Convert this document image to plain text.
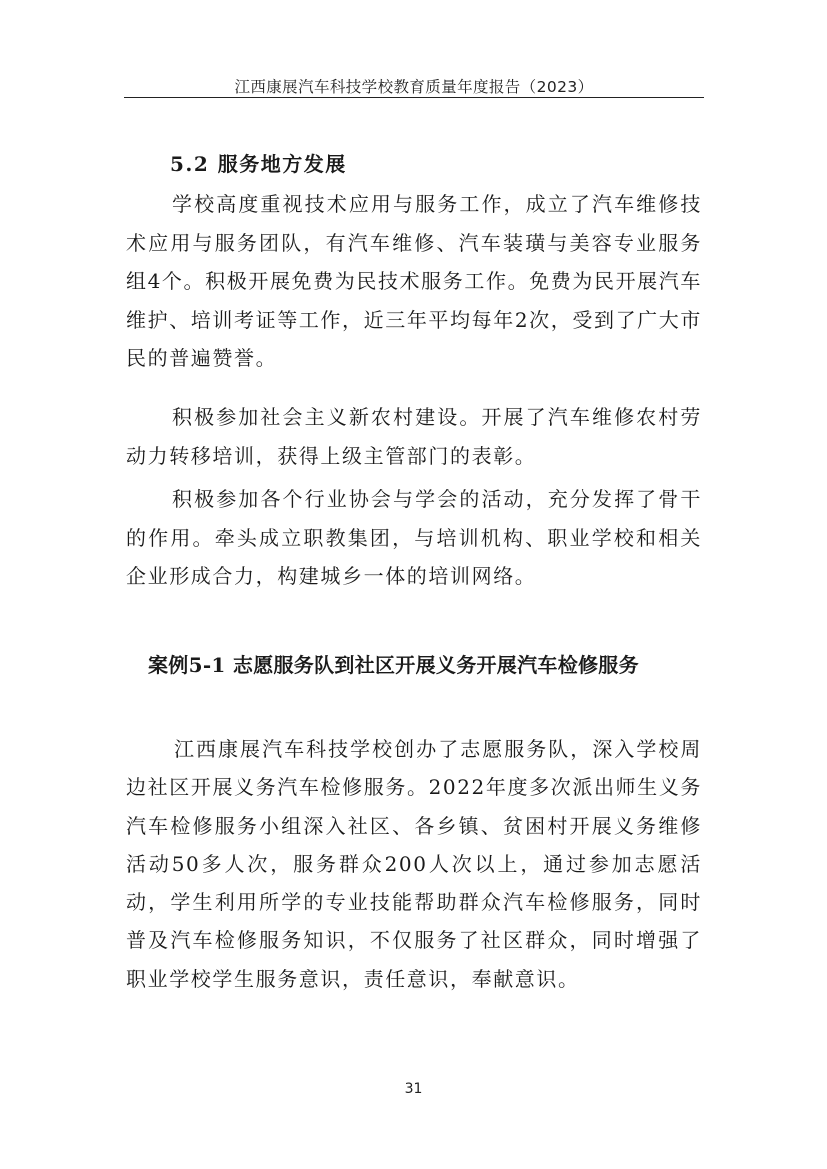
江西康展汽车科技学校教育质量年度报告（2023）
5.2 服务地方发展

学校高度重视技术应用与服务工作，成立了汽车维修技术应用与服务团队，有汽车维修、汽车装璜与美容专业服务组4个。积极开展免费为民技术服务工作。免费为民开展汽车维护、培训考证等工作，近三年平均每年2次，受到了广大市民的普遍赞誉。

积极参加社会主义新农村建设。开展了汽车维修农村劳动力转移培训，获得上级主管部门的表彰。

积极参加各个行业协会与学会的活动，充分发挥了骨干的作用。牵头成立职教集团，与培训机构、职业学校和相关企业形成合力，构建城乡一体的培训网络。

案例5-1 志愿服务队到社区开展义务开展汽车检修服务

江西康展汽车科技学校创办了志愿服务队，深入学校周边社区开展义务汽车检修服务。2022年度多次派出师生义务汽车检修服务小组深入社区、各乡镇、贫困村开展义务维修活动50多人次，服务群众200人次以上，通过参加志愿活动，学生利用所学的专业技能帮助群众汽车检修服务，同时普及汽车检修服务知识，不仅服务了社区群众，同时增强了职业学校学生服务意识，责任意识，奉献意识。

31
